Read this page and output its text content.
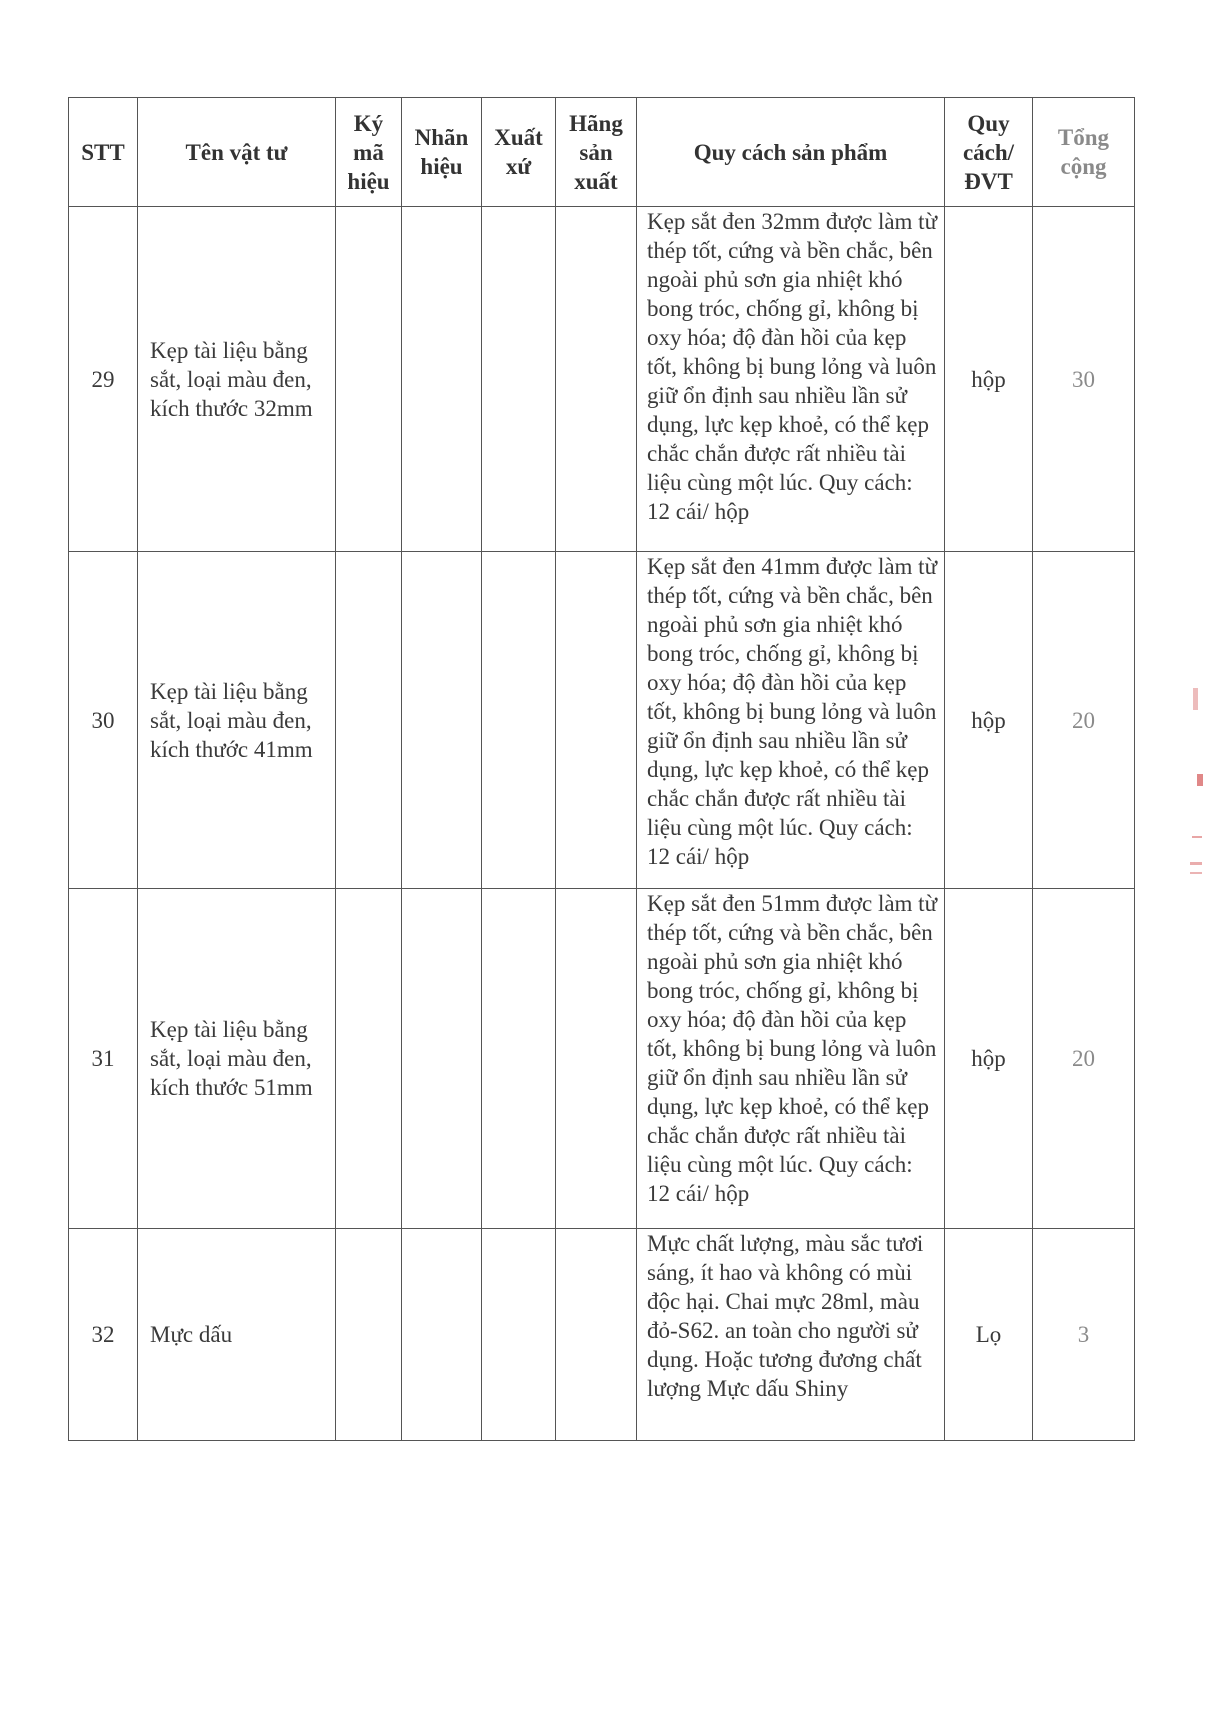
STT	Tên vật tư	Ký mã hiệu	Nhãn hiệu	Xuất xứ	Hãng sản xuất	Quy cách sản phẩm	Quy cách/ ĐVT	Tổng cộng
29	Kẹp tài liệu bằng sắt, loại màu đen, kích thước 32mm					Kẹp sắt đen 32mm được làm từ thép tốt, cứng và bền chắc, bên ngoài phủ sơn gia nhiệt khó bong tróc, chống gỉ, không bị oxy hóa; độ đàn hồi của kẹp tốt, không bị bung lỏng và luôn giữ ổn định sau nhiều lần sử dụng, lực kẹp khoẻ, có thể kẹp chắc chắn được rất nhiều tài liệu cùng một lúc. Quy cách: 12 cái/ hộp	hộp	30
30	Kẹp tài liệu bằng sắt, loại màu đen, kích thước 41mm					Kẹp sắt đen 41mm được làm từ thép tốt, cứng và bền chắc, bên ngoài phủ sơn gia nhiệt khó bong tróc, chống gỉ, không bị oxy hóa; độ đàn hồi của kẹp tốt, không bị bung lỏng và luôn giữ ổn định sau nhiều lần sử dụng, lực kẹp khoẻ, có thể kẹp chắc chắn được rất nhiều tài liệu cùng một lúc. Quy cách: 12 cái/ hộp	hộp	20
31	Kẹp tài liệu bằng sắt, loại màu đen, kích thước 51mm					Kẹp sắt đen 51mm được làm từ thép tốt, cứng và bền chắc, bên ngoài phủ sơn gia nhiệt khó bong tróc, chống gỉ, không bị oxy hóa; độ đàn hồi của kẹp tốt, không bị bung lỏng và luôn giữ ổn định sau nhiều lần sử dụng, lực kẹp khoẻ, có thể kẹp chắc chắn được rất nhiều tài liệu cùng một lúc. Quy cách: 12 cái/ hộp	hộp	20
32	Mực dấu					Mực chất lượng, màu sắc tươi sáng, ít hao và không có mùi độc hại. Chai mực 28ml, màu đỏ-S62. an toàn cho người sử dụng. Hoặc tương đương chất lượng Mực dấu Shiny	Lọ	3
